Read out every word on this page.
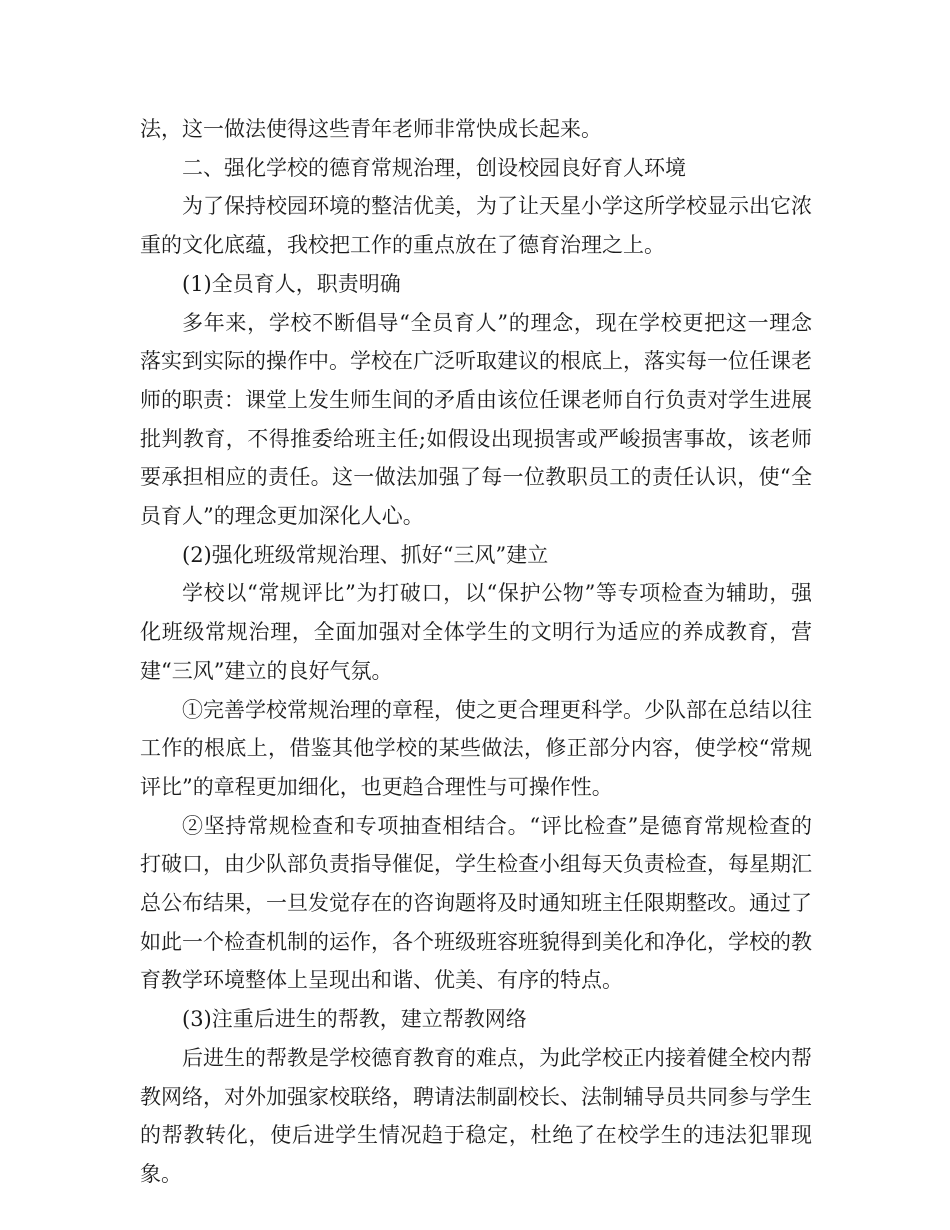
法，这一做法使得这些青年老师非常快成长起来。

二、强化学校的德育常规治理，创设校园良好育人环境

为了保持校园环境的整洁优美，为了让天星小学这所学校显示出它浓重的文化底蕴，我校把工作的重点放在了德育治理之上。

(1)全员育人，职责明确

多年来，学校不断倡导“全员育人”的理念，现在学校更把这一理念落实到实际的操作中。学校在广泛听取建议的根底上，落实每一位任课老师的职责：课堂上发生师生间的矛盾由该位任课老师自行负责对学生进展批判教育，不得推委给班主任;如假设出现损害或严峻损害事故，该老师要承担相应的责任。这一做法加强了每一位教职员工的责任认识，使“全员育人”的理念更加深化人心。

(2)强化班级常规治理、抓好“三风”建立

学校以“常规评比”为打破口，以“保护公物”等专项检查为辅助，强化班级常规治理，全面加强对全体学生的文明行为适应的养成教育，营建“三风”建立的良好气氛。

①完善学校常规治理的章程，使之更合理更科学。少队部在总结以往工作的根底上，借鉴其他学校的某些做法，修正部分内容，使学校“常规评比”的章程更加细化，也更趋合理性与可操作性。

②坚持常规检查和专项抽查相结合。“评比检查”是德育常规检查的打破口，由少队部负责指导催促，学生检查小组每天负责检查，每星期汇总公布结果，一旦发觉存在的咨询题将及时通知班主任限期整改。通过了如此一个检查机制的运作，各个班级班容班貌得到美化和净化，学校的教育教学环境整体上呈现出和谐、优美、有序的特点。

(3)注重后进生的帮教，建立帮教网络

后进生的帮教是学校德育教育的难点，为此学校正内接着健全校内帮教网络，对外加强家校联络，聘请法制副校长、法制辅导员共同参与学生的帮教转化，使后进学生情况趋于稳定，杜绝了在校学生的违法犯罪现象。
